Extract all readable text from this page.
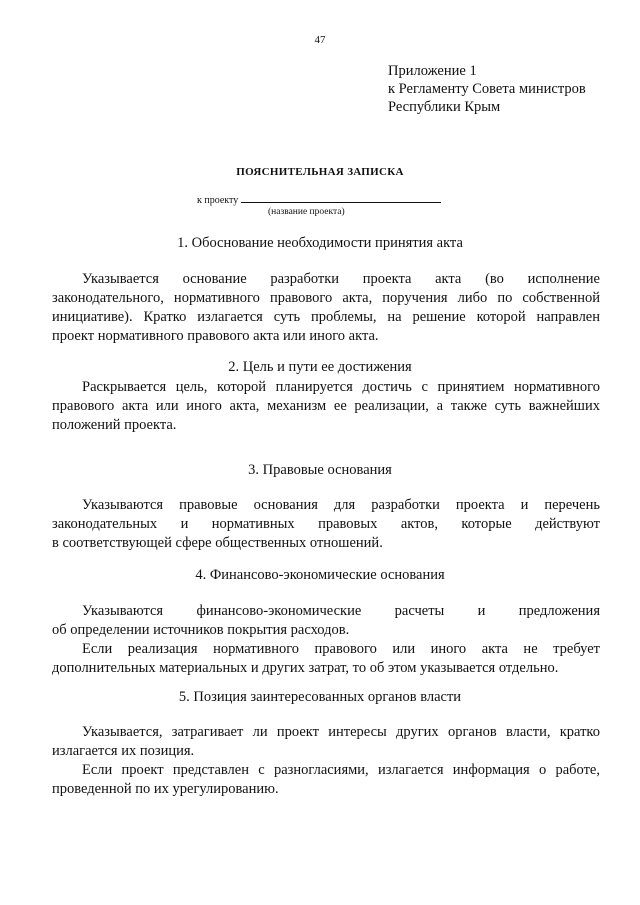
47
Приложение 1
к Регламенту Совета министров
Республики Крым
ПОЯСНИТЕЛЬНАЯ ЗАПИСКА
к проекту
(название проекта)
1. Обоснование необходимости принятия акта
Указывается основание разработки проекта акта (во исполнение
законодательного, нормативного правового акта, поручения либо по собственной
инициативе). Кратко излагается суть проблемы, на решение которой направлен
проект нормативного правового акта или иного акта.
2. Цель и пути ее достижения
Раскрывается цель, которой планируется достичь с принятием нормативного
правового акта или иного акта, механизм ее реализации, а также суть важнейших
положений проекта.
3. Правовые основания
Указываются правовые основания для разработки проекта и перечень
законодательных и нормативных правовых актов, которые действуют
в соответствующей сфере общественных отношений.
4. Финансово-экономические основания
Указываются финансово-экономические расчеты и предложения
об определении источников покрытия расходов.
Если реализация нормативного правового или иного акта не требует
дополнительных материальных и других затрат, то об этом указывается отдельно.
5. Позиция заинтересованных органов власти
Указывается, затрагивает ли проект интересы других органов власти, кратко
излагается их позиция.
Если проект представлен с разногласиями, излагается информация о работе,
проведенной по их урегулированию.
